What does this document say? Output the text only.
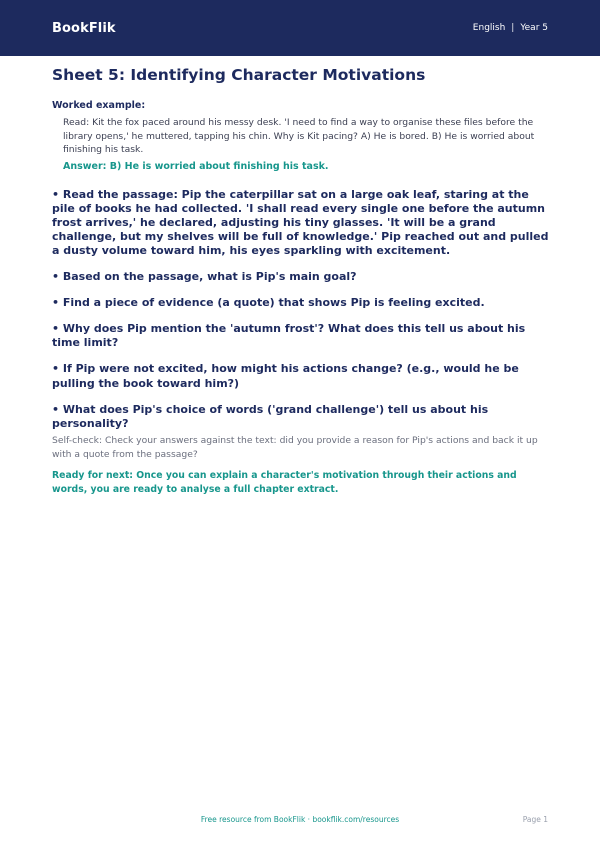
BookFlik	English | Year 5
Sheet 5: Identifying Character Motivations
Worked example:
Read: Kit the fox paced around his messy desk. 'I need to find a way to organise these files before the library opens,' he muttered, tapping his chin. Why is Kit pacing? A) He is bored. B) He is worried about finishing his task.
Answer: B) He is worried about finishing his task.
• Read the passage: Pip the caterpillar sat on a large oak leaf, staring at the pile of books he had collected. 'I shall read every single one before the autumn frost arrives,' he declared, adjusting his tiny glasses. 'It will be a grand challenge, but my shelves will be full of knowledge.' Pip reached out and pulled a dusty volume toward him, his eyes sparkling with excitement.
• Based on the passage, what is Pip's main goal?
• Find a piece of evidence (a quote) that shows Pip is feeling excited.
• Why does Pip mention the 'autumn frost'? What does this tell us about his time limit?
• If Pip were not excited, how might his actions change? (e.g., would he be pulling the book toward him?)
• What does Pip's choice of words ('grand challenge') tell us about his personality?
Self-check: Check your answers against the text: did you provide a reason for Pip's actions and back it up with a quote from the passage?
Ready for next: Once you can explain a character's motivation through their actions and words, you are ready to analyse a full chapter extract.
Free resource from BookFlik · bookflik.com/resources	Page 1
